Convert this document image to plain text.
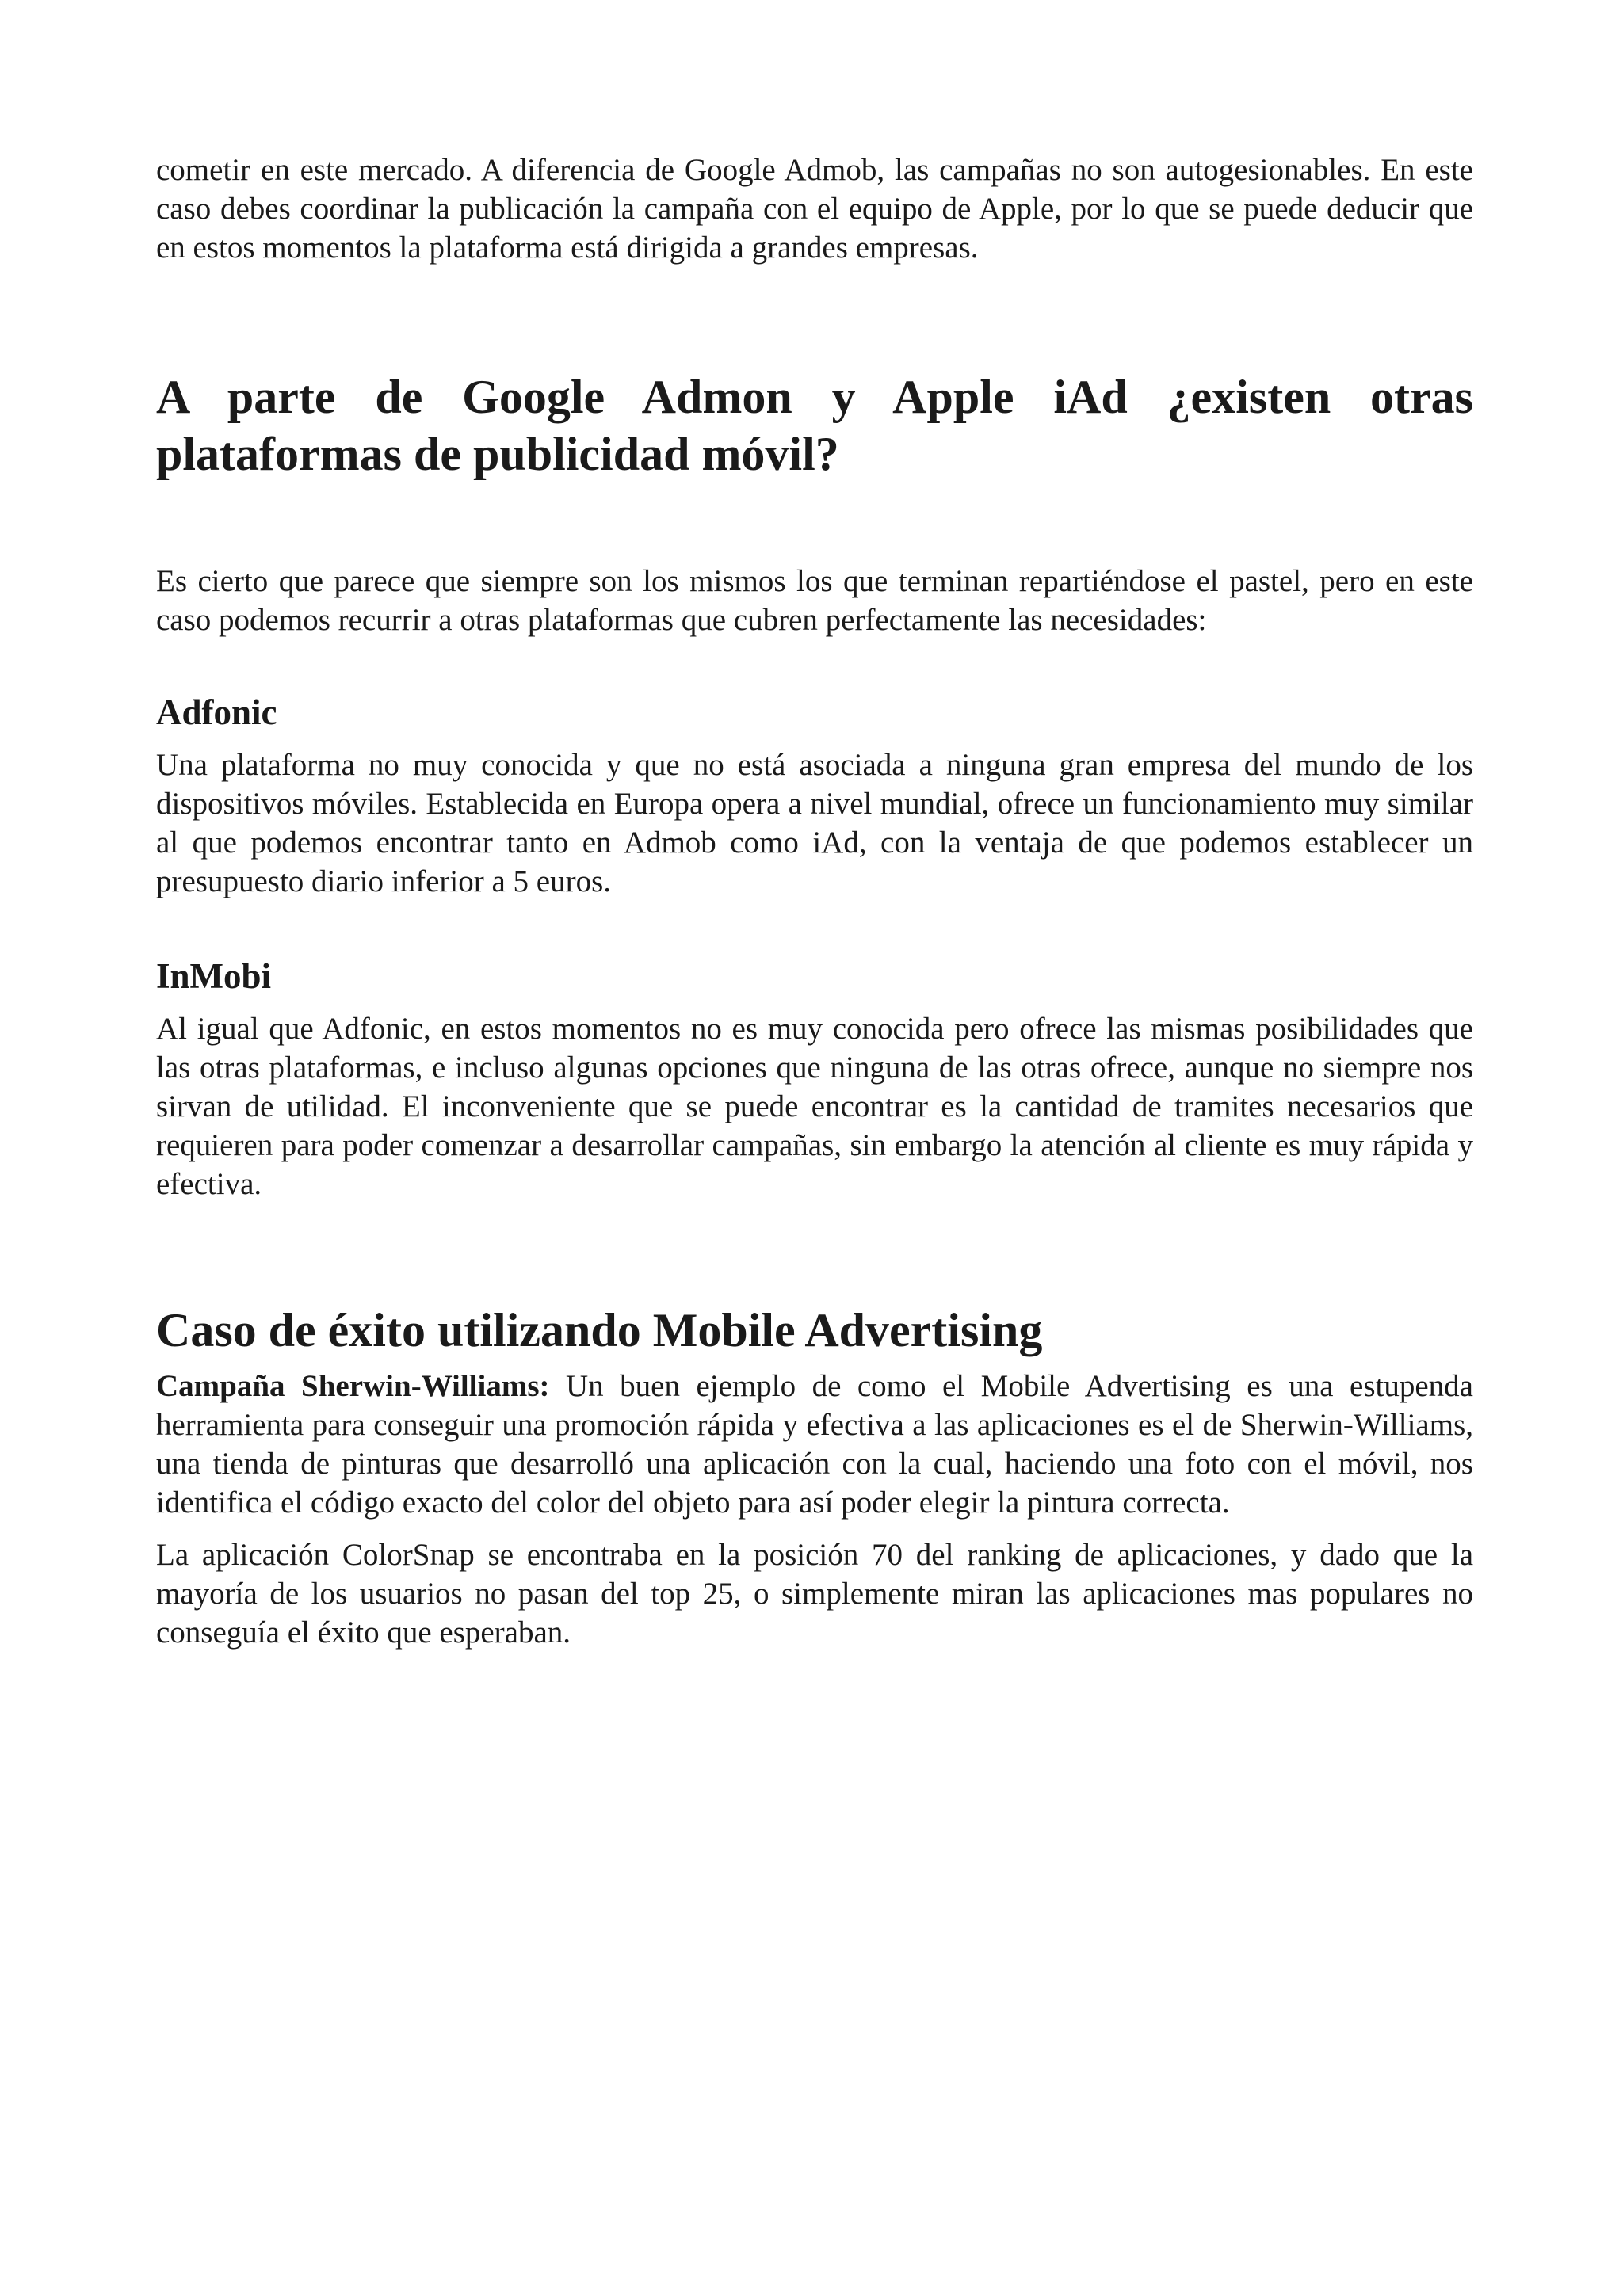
cometir en este mercado. A diferencia de Google Admob, las campañas no son autogesionables. En este caso debes coordinar la publicación la campaña con el equipo de Apple, por lo que se puede deducir que en estos momentos la plataforma está dirigida a grandes empresas.

A parte de Google Admon y Apple iAd ¿existen otras plataformas de publicidad móvil?

Es cierto que parece que siempre son los mismos los que terminan repartiéndose el pastel, pero en este caso podemos recurrir a otras plataformas que cubren perfectamente las necesidades:

Adfonic

Una plataforma no muy conocida y que no está asociada a ninguna gran empresa del mundo de los dispositivos móviles. Establecida en Europa opera a nivel mundial, ofrece un funcionamiento muy similar al que podemos encontrar tanto en Admob como iAd, con la ventaja de que podemos establecer un presupuesto diario inferior a 5 euros.

InMobi

Al igual que Adfonic, en estos momentos no es muy conocida pero ofrece las mismas posibilidades que las otras plataformas, e incluso algunas opciones que ninguna de las otras ofrece, aunque no siempre nos sirvan de utilidad. El inconveniente que se puede encontrar es la cantidad de tramites necesarios que requieren para poder comenzar a desarrollar campañas, sin embargo la atención al cliente es muy rápida y efectiva.

Caso de éxito utilizando Mobile Advertising

Campaña Sherwin-Williams: Un buen ejemplo de como el Mobile Advertising es una estupenda herramienta para conseguir una promoción rápida y efectiva a las aplicaciones es el de Sherwin-Williams, una tienda de pinturas que desarrolló una aplicación con la cual, haciendo una foto con el móvil, nos identifica el código exacto del color del objeto para así poder elegir la pintura correcta.

La aplicación ColorSnap se encontraba en la posición 70 del ranking de aplicaciones, y dado que la mayoría de los usuarios no pasan del top 25, o simplemente miran las aplicaciones mas populares no conseguía el éxito que esperaban.
